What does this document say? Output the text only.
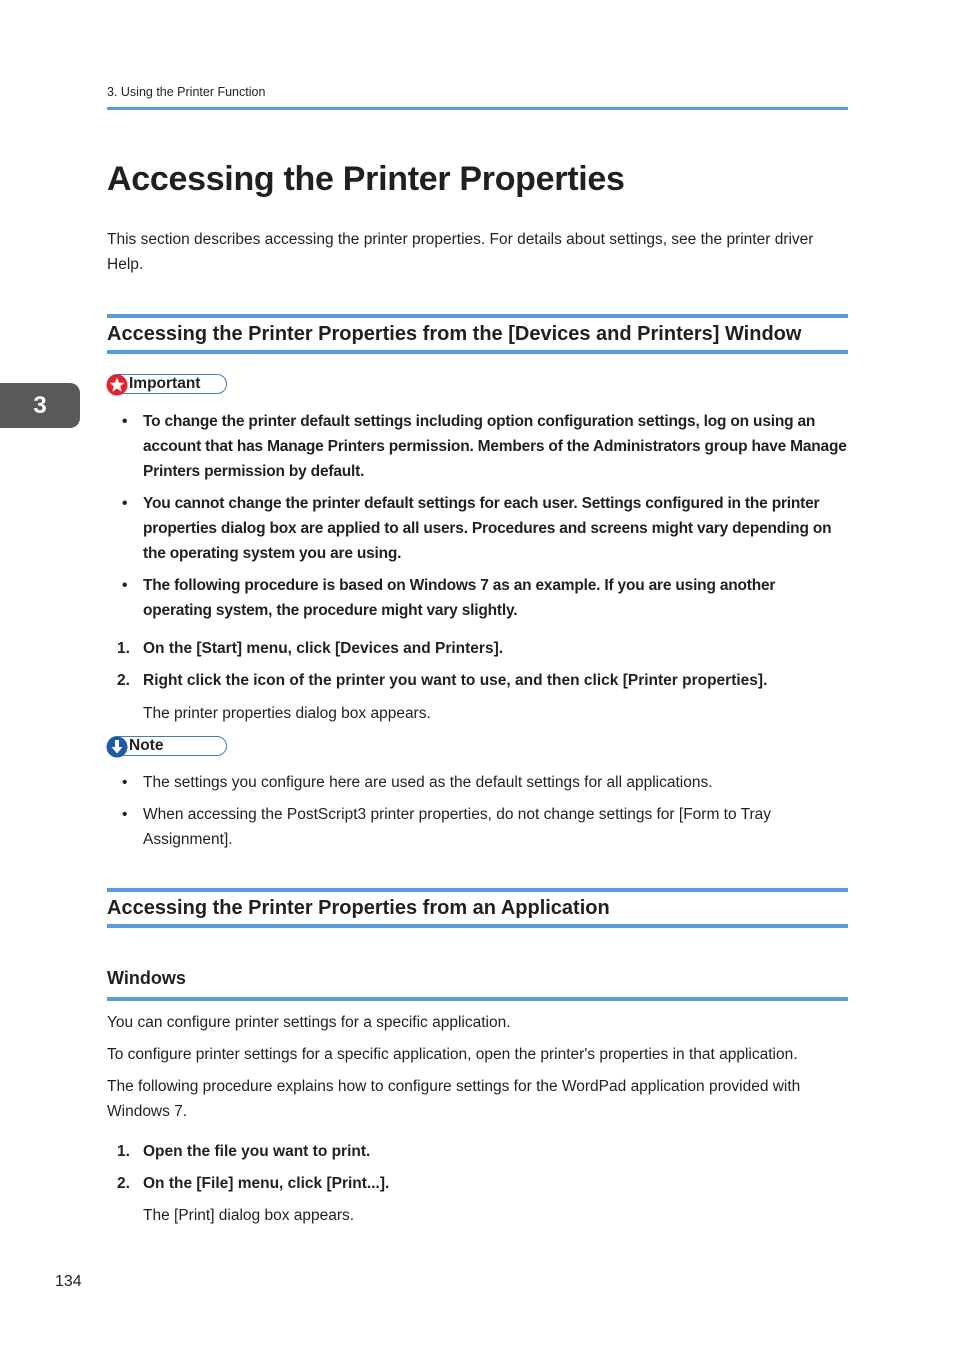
3. Using the Printer Function
3
Accessing the Printer Properties

This section describes accessing the printer properties. For details about settings, see the printer driver Help.

Accessing the Printer Properties from the [Devices and Printers] Window
Important
• To change the printer default settings including option configuration settings, log on using an account that has Manage Printers permission. Members of the Administrators group have Manage Printers permission by default.
• You cannot change the printer default settings for each user. Settings configured in the printer properties dialog box are applied to all users. Procedures and screens might vary depending on the operating system you are using.
• The following procedure is based on Windows 7 as an example. If you are using another operating system, the procedure might vary slightly.
1. On the [Start] menu, click [Devices and Printers].
2. Right click the icon of the printer you want to use, and then click [Printer properties].
The printer properties dialog box appears.
Note
• The settings you configure here are used as the default settings for all applications.
• When accessing the PostScript3 printer properties, do not change settings for [Form to Tray Assignment].
Accessing the Printer Properties from an Application
Windows

You can configure printer settings for a specific application.

To configure printer settings for a specific application, open the printer's properties in that application.

The following procedure explains how to configure settings for the WordPad application provided with Windows 7.

1. Open the file you want to print.
2. On the [File] menu, click [Print...].
The [Print] dialog box appears.
134
